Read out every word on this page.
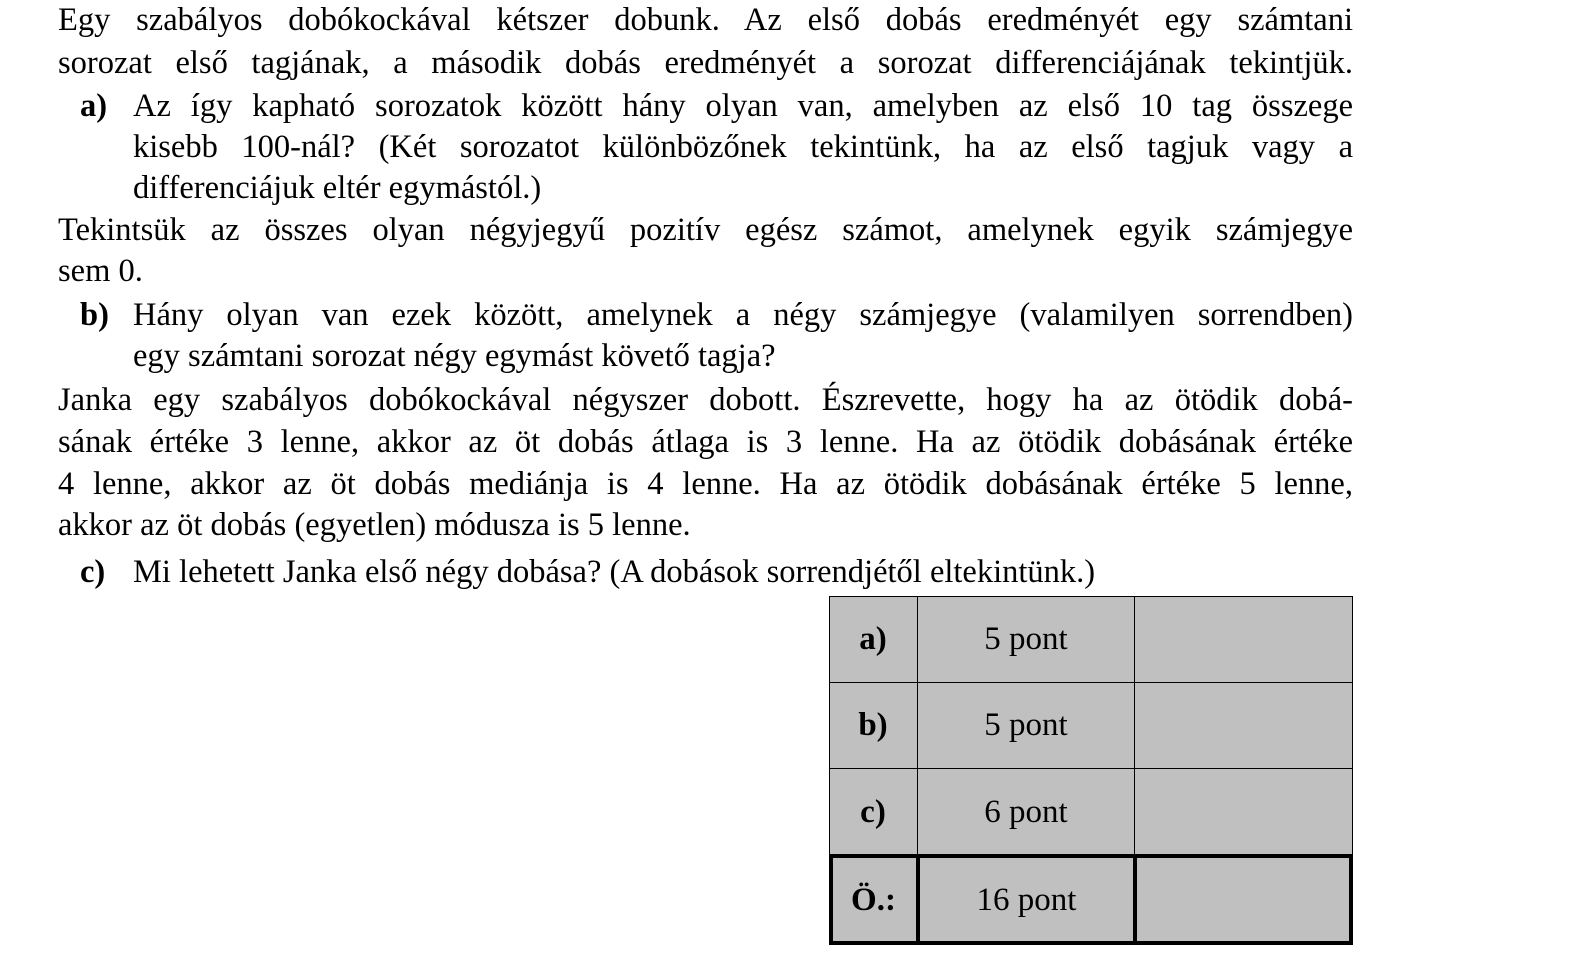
Egy szabályos dobókockával kétszer dobunk. Az első dobás eredményét egy számtani
sorozat első tagjának, a második dobás eredményét a sorozat differenciájának tekintjük.
a) Az így kapható sorozatok között hány olyan van, amelyben az első 10 tag összege
kisebb 100-nál? (Két sorozatot különbözőnek tekintünk, ha az első tagjuk vagy a
differenciájuk eltér egymástól.)
Tekintsük az összes olyan négyjegyű pozitív egész számot, amelynek egyik számjegye
sem 0.
b) Hány olyan van ezek között, amelynek a négy számjegye (valamilyen sorrendben)
egy számtani sorozat négy egymást követő tagja?
Janka egy szabályos dobókockával négyszer dobott. Észrevette, hogy ha az ötödik dobá-
sának értéke 3 lenne, akkor az öt dobás átlaga is 3 lenne. Ha az ötödik dobásának értéke
4 lenne, akkor az öt dobás mediánja is 4 lenne. Ha az ötödik dobásának értéke 5 lenne,
akkor az öt dobás (egyetlen) módusza is 5 lenne.
c) Mi lehetett Janka első négy dobása? (A dobások sorrendjétől eltekintünk.)
a)	5 pont
b)	5 pont
c)	6 pont
Ö.:	16 pont
